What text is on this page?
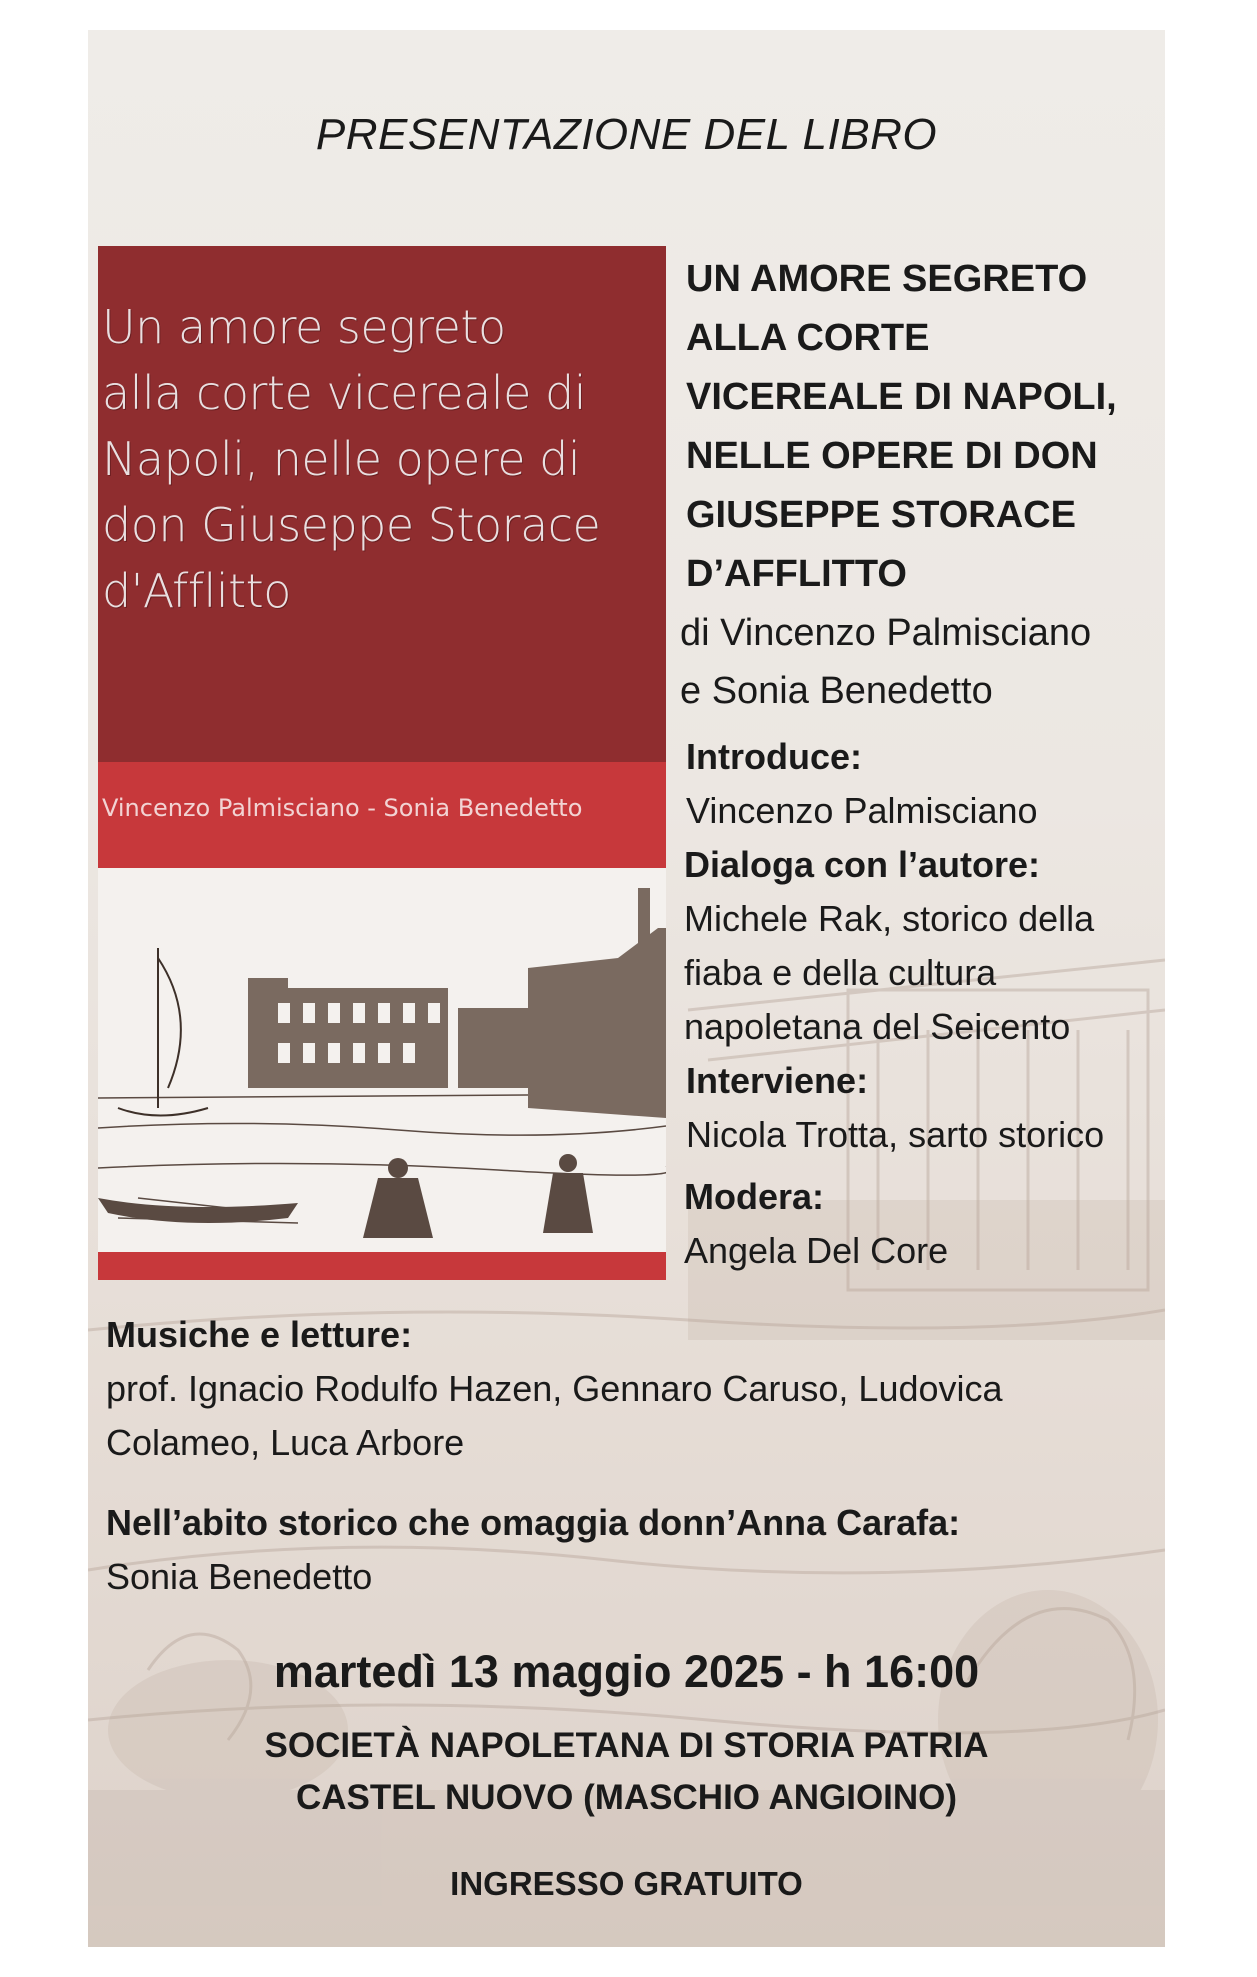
PRESENTAZIONE DEL LIBRO
Un amore segreto
alla corte vicereale di
Napoli, nelle opere di
don Giuseppe Storace
d'Afflitto
Vincenzo Palmisciano - Sonia Benedetto
UN AMORE SEGRETO
ALLA CORTE
VICEREALE DI NAPOLI,
NELLE OPERE DI DON
GIUSEPPE STORACE
D’AFFLITTO
di Vincenzo Palmisciano
e Sonia Benedetto
Introduce:
Vincenzo Palmisciano
Dialoga con l’autore:
Michele Rak, storico della
fiaba e della cultura
napoletana del Seicento
Interviene:
Nicola Trotta, sarto storico
Modera:
Angela Del Core
Musiche e letture:
prof. Ignacio Rodulfo Hazen, Gennaro Caruso, Ludovica
Colameo, Luca Arbore
Nell’abito storico che omaggia donn’Anna Carafa:
Sonia Benedetto
martedì 13 maggio 2025 - h 16:00
SOCIETÀ NAPOLETANA DI STORIA PATRIA
CASTEL NUOVO (MASCHIO ANGIOINO)
INGRESSO GRATUITO
